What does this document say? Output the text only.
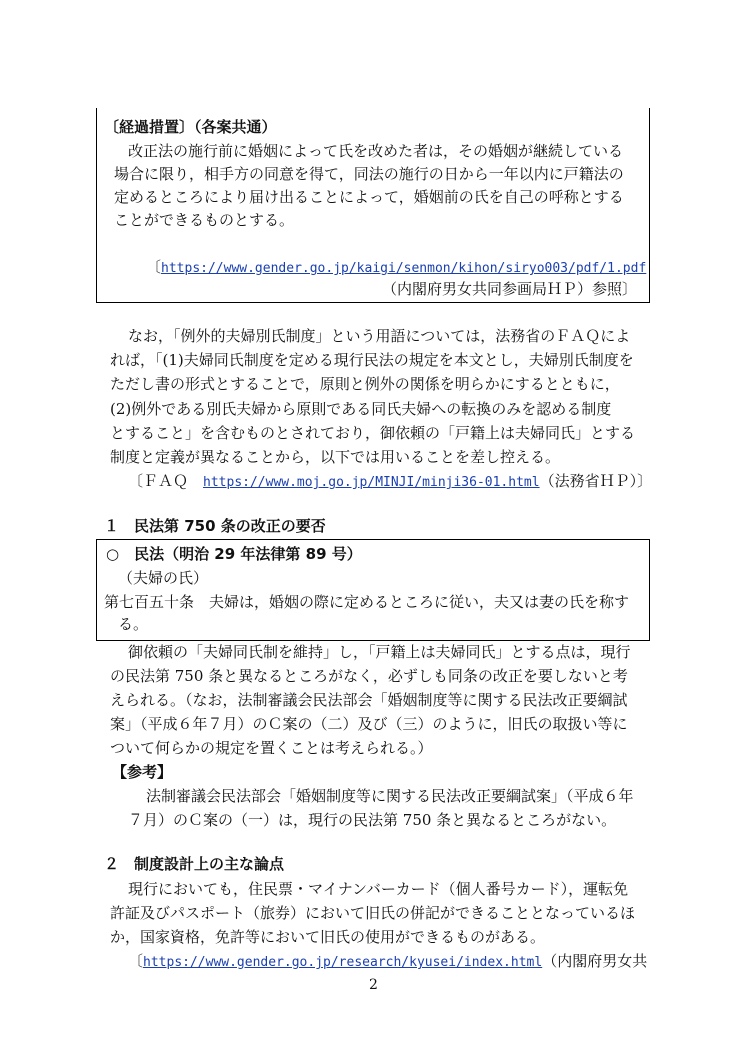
〔経過措置〕（各案共通）
改正法の施行前に婚姻によって氏を改めた者は，その婚姻が継続している
場合に限り，相手方の同意を得て，同法の施行の日から一年以内に戸籍法の
定めるところにより届け出ることによって，婚姻前の氏を自己の呼称とする
ことができるものとする。
〔https://www.gender.go.jp/kaigi/senmon/kihon/siryo003/pdf/1.pdf
（内閣府男女共同参画局ＨＰ）参照〕
なお，「例外的夫婦別氏制度」という用語については，法務省のＦＡＱによ
れば，「(1)夫婦同氏制度を定める現行民法の規定を本文とし，夫婦別氏制度を
ただし書の形式とすることで，原則と例外の関係を明らかにするとともに，
(2)例外である別氏夫婦から原則である同氏夫婦への転換のみを認める制度
とすること」を含むものとされており，御依頼の「戸籍上は夫婦同氏」とする
制度と定義が異なることから，以下では用いることを差し控える。
〔ＦＡＱ　https://www.moj.go.jp/MINJI/minji36-01.html（法務省ＨＰ）〕
１　民法第 750 条の改正の要否
○　民法（明治 29 年法律第 89 号）
（夫婦の氏）
第七百五十条　夫婦は，婚姻の際に定めるところに従い，夫又は妻の氏を称す
る。
御依頼の「夫婦同氏制を維持」し，「戸籍上は夫婦同氏」とする点は，現行
の民法第 750 条と異なるところがなく，必ずしも同条の改正を要しないと考
えられる。（なお，法制審議会民法部会「婚姻制度等に関する民法改正要綱試
案」（平成６年７月）のＣ案の（二）及び（三）のように，旧氏の取扱い等に
ついて何らかの規定を置くことは考えられる。）
【参考】
法制審議会民法部会「婚姻制度等に関する民法改正要綱試案」（平成６年
７月）のＣ案の（一）は，現行の民法第 750 条と異なるところがない。
２　制度設計上の主な論点
現行においても，住民票・マイナンバーカード（個人番号カード），運転免
許証及びパスポート（旅券）において旧氏の併記ができることとなっているほ
か，国家資格，免許等において旧氏の使用ができるものがある。
〔https://www.gender.go.jp/research/kyusei/index.html（内閣府男女共
2
